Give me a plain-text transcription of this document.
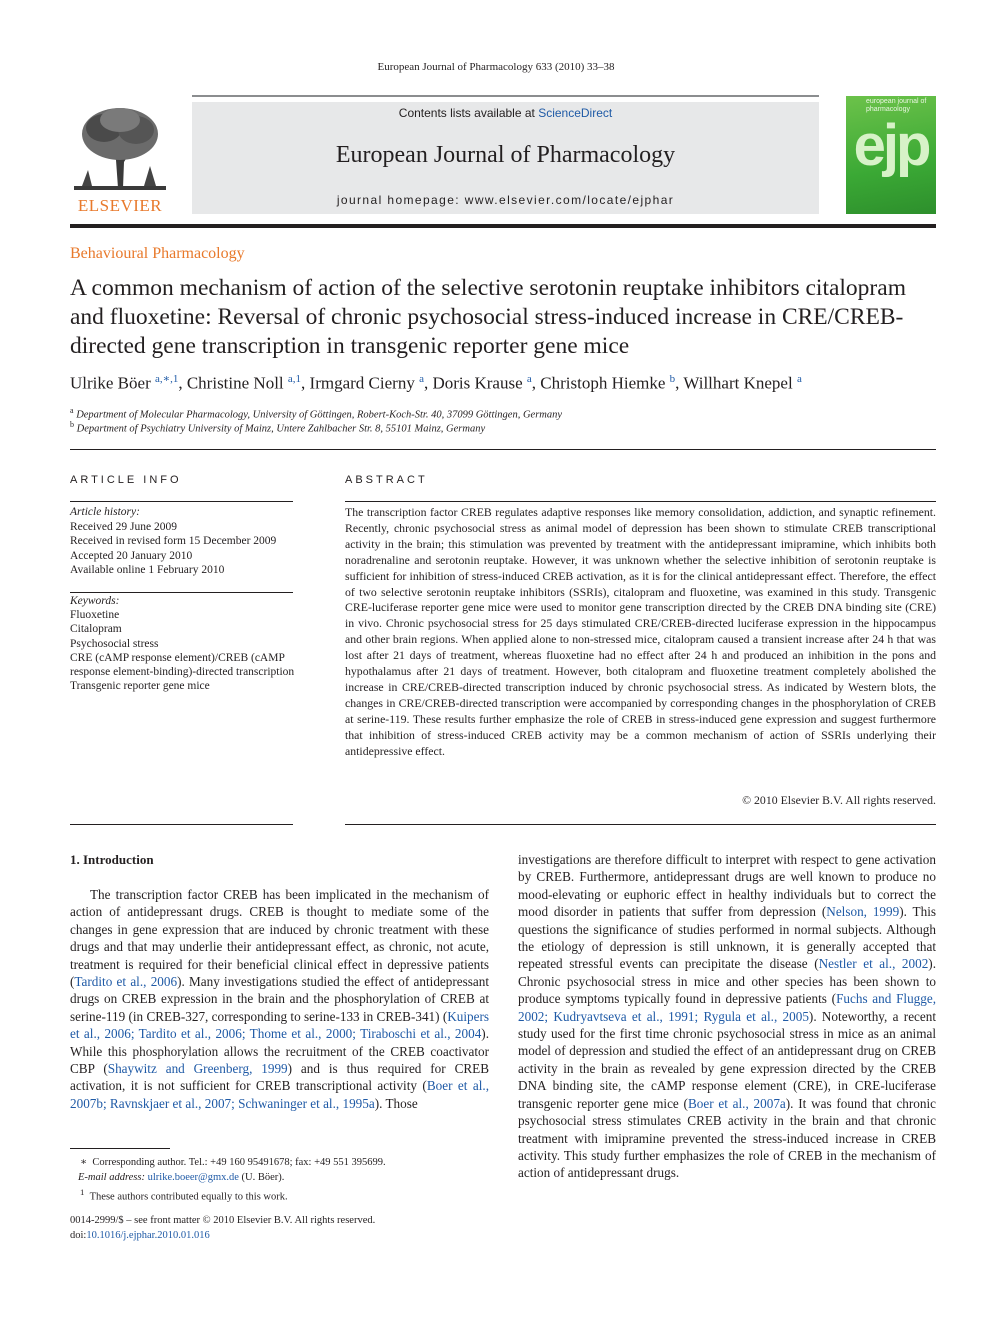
European Journal of Pharmacology 633 (2010) 33–38
ELSEVIER
Contents lists available at ScienceDirect
European Journal of Pharmacology
journal homepage: www.elsevier.com/locate/ejphar
european journal of pharmacology
ejp
Behavioural Pharmacology
A common mechanism of action of the selective serotonin reuptake inhibitors citalopram and fluoxetine: Reversal of chronic psychosocial stress-induced increase in CRE/CREB-directed gene transcription in transgenic reporter gene mice
Ulrike Böer $^{a,∗,1}$, Christine Noll $^{a,1}$, Irmgard Cierny $^a$, Doris Krause $^a$, Christoph Hiemke $^b$, Willhart Knepel $^a$
$^a$ Department of Molecular Pharmacology, University of Göttingen, Robert-Koch-Str. 40, 37099 Göttingen, Germany
$^b$ Department of Psychiatry University of Mainz, Untere Zahlbacher Str. 8, 55101 Mainz, Germany
ARTICLE INFO
Article history:
Received 29 June 2009
Received in revised form 15 December 2009
Accepted 20 January 2010
Available online 1 February 2010
Keywords:
Fluoxetine
Citalopram
Psychosocial stress
CRE (cAMP response element)/CREB (cAMP response element-binding)-directed transcription
Transgenic reporter gene mice
ABSTRACT
The transcription factor CREB regulates adaptive responses like memory consolidation, addiction, and synaptic refinement. Recently, chronic psychosocial stress as animal model of depression has been shown to stimulate CREB transcriptional activity in the brain; this stimulation was prevented by treatment with the antidepressant imipramine, which inhibits both noradrenaline and serotonin reuptake. However, it was unknown whether the selective inhibition of serotonin reuptake is sufficient for inhibition of stress-induced CREB activation, as it is for the clinical antidepressant effect. Therefore, the effect of two selective serotonin reuptake inhibitors (SSRIs), citalopram and fluoxetine, was examined in this study. Transgenic CRE-luciferase reporter gene mice were used to monitor gene transcription directed by the CREB DNA binding site (CRE) in vivo. Chronic psychosocial stress for 25 days stimulated CRE/CREB-directed luciferase expression in the hippocampus and other brain regions. When applied alone to non-stressed mice, citalopram caused a transient increase after 24 h that was lost after 21 days of treatment, whereas fluoxetine had no effect after 24 h and produced an inhibition in the pons and hypothalamus after 21 days of treatment. However, both citalopram and fluoxetine treatment completely abolished the increase in CRE/CREB-directed transcription induced by chronic psychosocial stress. As indicated by Western blots, the changes in CRE/CREB-directed transcription were accompanied by corresponding changes in the phosphorylation of CREB at serine-119. These results further emphasize the role of CREB in stress-induced gene expression and suggest furthermore that inhibition of stress-induced CREB activity may be a common mechanism of action of SSRIs underlying their antidepressive effect.
© 2010 Elsevier B.V. All rights reserved.
1. Introduction
The transcription factor CREB has been implicated in the mechanism of action of antidepressant drugs. CREB is thought to mediate some of the changes in gene expression that are induced by chronic treatment with these drugs and that may underlie their antidepressant effect, as chronic, not acute, treatment is required for their beneficial clinical effect in depressive patients (Tardito et al., 2006). Many investigations studied the effect of antidepressant drugs on CREB expression in the brain and the phosphorylation of CREB at serine-119 (in CREB-327, corresponding to serine-133 in CREB-341) (Kuipers et al., 2006; Tardito et al., 2006; Thome et al., 2000; Tiraboschi et al., 2004). While this phosphorylation allows the recruitment of the CREB coactivator CBP (Shaywitz and Greenberg, 1999) and is thus required for CREB activation, it is not sufficient for CREB transcriptional activity (Boer et al., 2007b; Ravnskjaer et al., 2007; Schwaninger et al., 1995a). Those
investigations are therefore difficult to interpret with respect to gene activation by CREB. Furthermore, antidepressant drugs are well known to produce no mood-elevating or euphoric effect in healthy individuals but to correct the mood disorder in patients that suffer from depression (Nelson, 1999). This questions the significance of studies performed in normal subjects. Although the etiology of depression is still unknown, it is generally accepted that repeated stressful events can precipitate the disease (Nestler et al., 2002). Chronic psychosocial stress in mice and other species has been shown to produce symptoms typically found in depressive patients (Fuchs and Flugge, 2002; Kudryavtseva et al., 1991; Rygula et al., 2005). Noteworthy, a recent study used for the first time chronic psychosocial stress in mice as an animal model of depression and studied the effect of an antidepressant drug on CREB activity in the brain as revealed by gene expression directed by the CREB DNA binding site, the cAMP response element (CRE), in CRE-luciferase transgenic reporter gene mice (Boer et al., 2007a). It was found that chronic psychosocial stress stimulates CREB activity in the brain and that chronic treatment with imipramine prevented the stress-induced increase in CREB activity. This study further emphasizes the role of CREB in the mechanism of action of antidepressant drugs.
∗ Corresponding author. Tel.: +49 160 95491678; fax: +49 551 395699.
E-mail address: ulrike.boeer@gmx.de (U. Böer).
$^1$ These authors contributed equally to this work.
0014-2999/$ – see front matter © 2010 Elsevier B.V. All rights reserved.
doi:10.1016/j.ejphar.2010.01.016
